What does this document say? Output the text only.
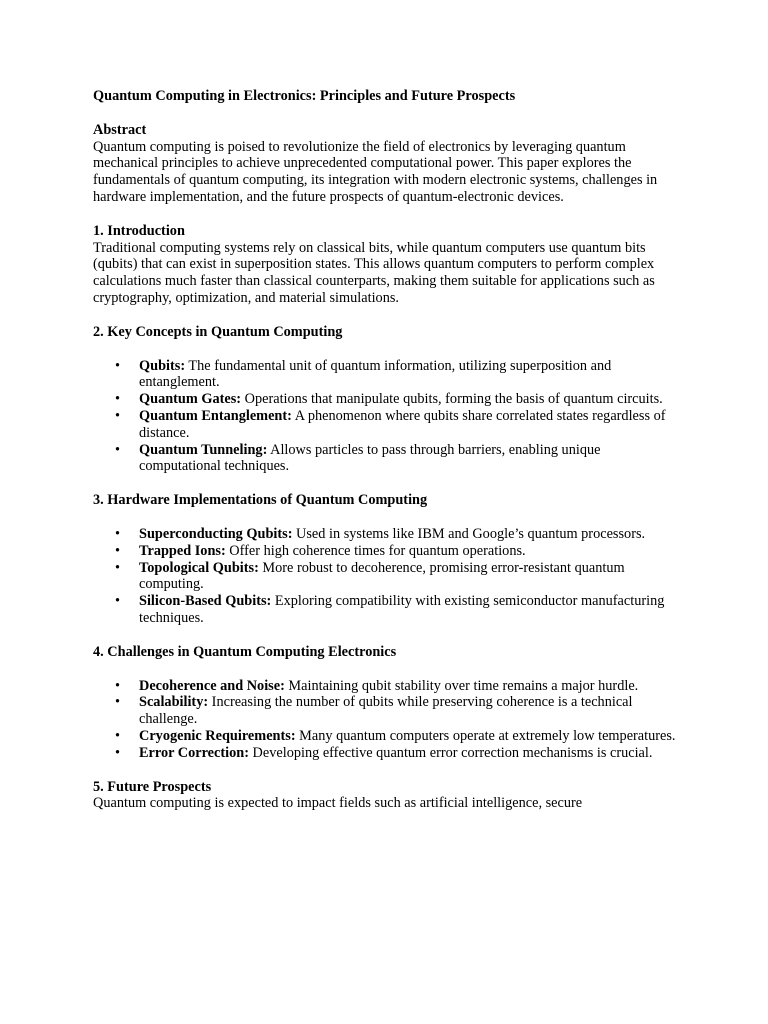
Quantum Computing in Electronics: Principles and Future Prospects

Abstract

Quantum computing is poised to revolutionize the field of electronics by leveraging quantum mechanical principles to achieve unprecedented computational power. This paper explores the fundamentals of quantum computing, its integration with modern electronic systems, challenges in hardware implementation, and the future prospects of quantum-electronic devices.

1. Introduction

Traditional computing systems rely on classical bits, while quantum computers use quantum bits (qubits) that can exist in superposition states. This allows quantum computers to perform complex calculations much faster than classical counterparts, making them suitable for applications such as cryptography, optimization, and material simulations.

2. Key Concepts in Quantum Computing

• Qubits: The fundamental unit of quantum information, utilizing superposition and entanglement.
• Quantum Gates: Operations that manipulate qubits, forming the basis of quantum circuits.
• Quantum Entanglement: A phenomenon where qubits share correlated states regardless of distance.
• Quantum Tunneling: Allows particles to pass through barriers, enabling unique computational techniques.

3. Hardware Implementations of Quantum Computing

• Superconducting Qubits: Used in systems like IBM and Google’s quantum processors.
• Trapped Ions: Offer high coherence times for quantum operations.
• Topological Qubits: More robust to decoherence, promising error-resistant quantum computing.
• Silicon-Based Qubits: Exploring compatibility with existing semiconductor manufacturing techniques.

4. Challenges in Quantum Computing Electronics

• Decoherence and Noise: Maintaining qubit stability over time remains a major hurdle.
• Scalability: Increasing the number of qubits while preserving coherence is a technical challenge.
• Cryogenic Requirements: Many quantum computers operate at extremely low temperatures.
• Error Correction: Developing effective quantum error correction mechanisms is crucial.

5. Future Prospects

Quantum computing is expected to impact fields such as artificial intelligence, secure
